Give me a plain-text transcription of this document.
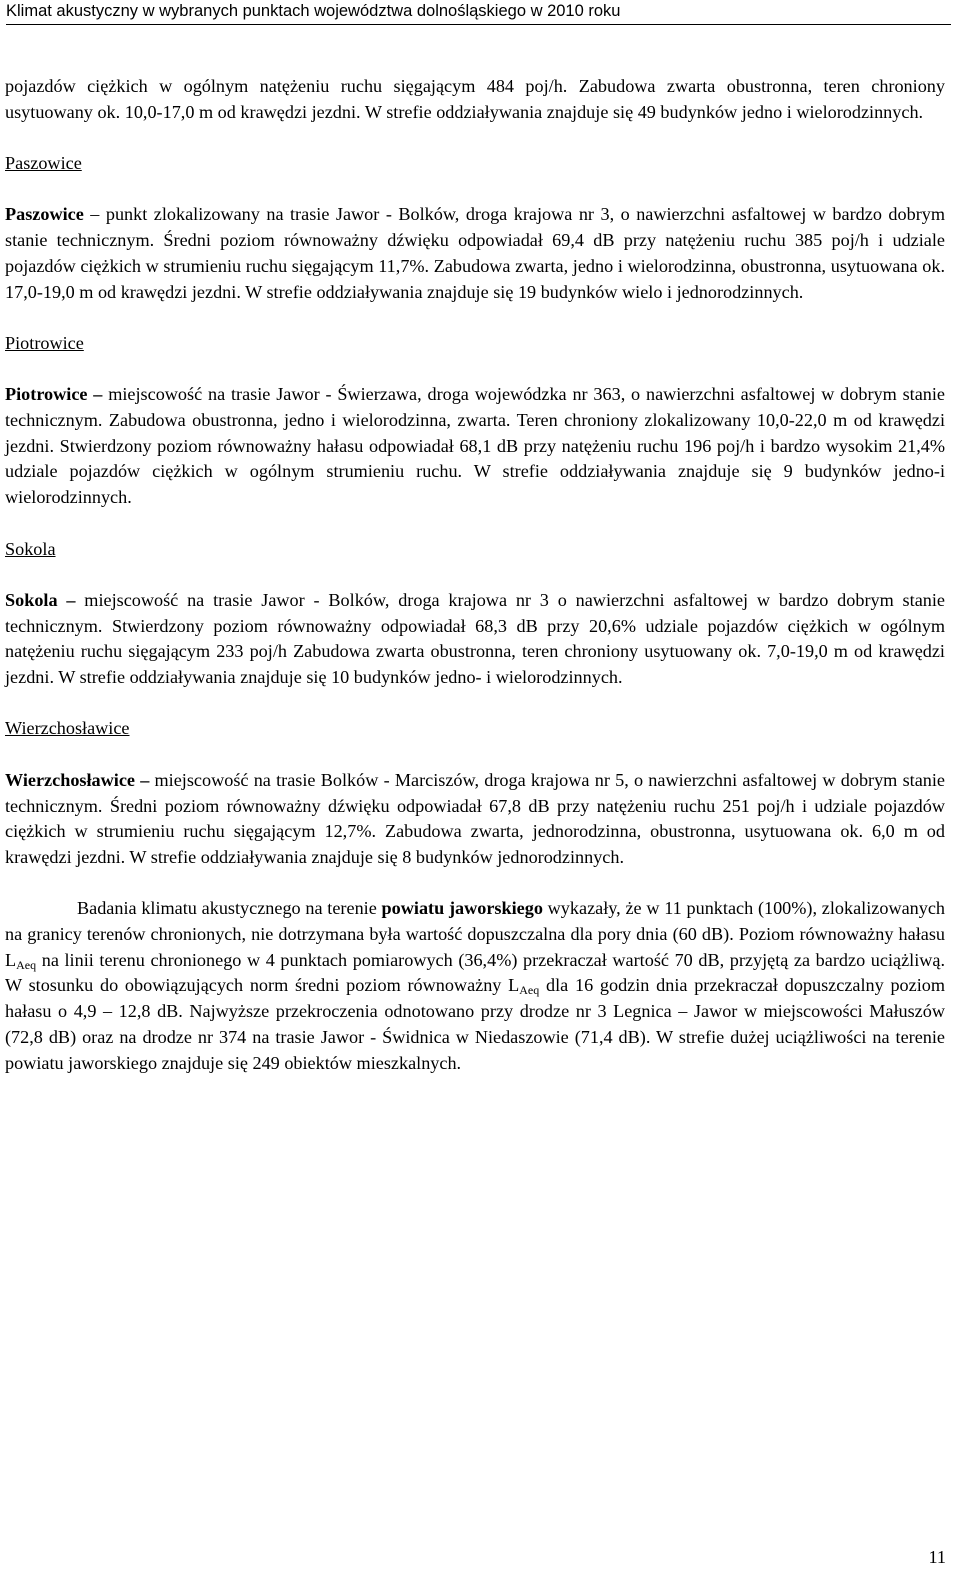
Klimat akustyczny w wybranych punktach województwa dolnośląskiego w 2010 roku

pojazdów ciężkich w ogólnym natężeniu ruchu sięgającym 484 poj/h. Zabudowa zwarta obustronna, teren chroniony usytuowany ok. 10,0-17,0 m od krawędzi jezdni. W strefie oddziaływania znajduje się 49 budynków jedno i wielorodzinnych.

Paszowice

Paszowice – punkt zlokalizowany na trasie Jawor - Bolków, droga krajowa nr 3, o nawierzchni asfaltowej w bardzo dobrym stanie technicznym. Średni poziom równoważny dźwięku odpowiadał 69,4 dB przy natężeniu ruchu 385 poj/h i udziale pojazdów ciężkich w strumieniu ruchu sięgającym 11,7%. Zabudowa zwarta, jedno i wielorodzinna, obustronna, usytuowana ok. 17,0-19,0 m od krawędzi jezdni. W strefie oddziaływania znajduje się 19 budynków wielo i jednorodzinnych.

Piotrowice

Piotrowice – miejscowość na trasie Jawor - Świerzawa, droga wojewódzka nr 363, o nawierzchni asfaltowej w dobrym stanie technicznym. Zabudowa obustronna, jedno i wielorodzinna, zwarta. Teren chroniony zlokalizowany 10,0-22,0 m od krawędzi jezdni. Stwierdzony poziom równoważny hałasu odpowiadał 68,1 dB przy natężeniu ruchu 196 poj/h i bardzo wysokim 21,4% udziale pojazdów ciężkich w ogólnym strumieniu ruchu. W strefie oddziaływania znajduje się 9 budynków jedno-i wielorodzinnych.

Sokola

Sokola – miejscowość na trasie Jawor - Bolków, droga krajowa nr 3 o nawierzchni asfaltowej w bardzo dobrym stanie technicznym. Stwierdzony poziom równoważny odpowiadał 68,3 dB przy 20,6% udziale pojazdów ciężkich w ogólnym natężeniu ruchu sięgającym 233 poj/h Zabudowa zwarta obustronna, teren chroniony usytuowany ok. 7,0-19,0 m od krawędzi jezdni. W strefie oddziaływania znajduje się 10 budynków jedno- i wielorodzinnych.

Wierzchosławice

Wierzchosławice – miejscowość na trasie Bolków - Marciszów, droga krajowa nr 5, o nawierzchni asfaltowej w dobrym stanie technicznym. Średni poziom równoważny dźwięku odpowiadał 67,8 dB przy natężeniu ruchu 251 poj/h i udziale pojazdów ciężkich w strumieniu ruchu sięgającym 12,7%. Zabudowa zwarta, jednorodzinna, obustronna, usytuowana ok. 6,0 m od krawędzi jezdni. W strefie oddziaływania znajduje się 8 budynków jednorodzinnych.

Badania klimatu akustycznego na terenie powiatu jaworskiego wykazały, że w 11 punktach (100%), zlokalizowanych na granicy terenów chronionych, nie dotrzymana była wartość dopuszczalna dla pory dnia (60 dB). Poziom równoważny hałasu $L_{Aeq}$ na linii terenu chronionego w 4 punktach pomiarowych (36,4%) przekraczał wartość 70 dB, przyjętą za bardzo uciążliwą. W stosunku do obowiązujących norm średni poziom równoważny $L_{Aeq}$ dla 16 godzin dnia przekraczał dopuszczalny poziom hałasu o 4,9 – 12,8 dB. Najwyższe przekroczenia odnotowano przy drodze nr 3 Legnica – Jawor w miejscowości Małuszów (72,8 dB) oraz na drodze nr 374 na trasie Jawor - Świdnica w Niedaszowie (71,4 dB). W strefie dużej uciążliwości na terenie powiatu jaworskiego znajduje się 249 obiektów mieszkalnych.

11
